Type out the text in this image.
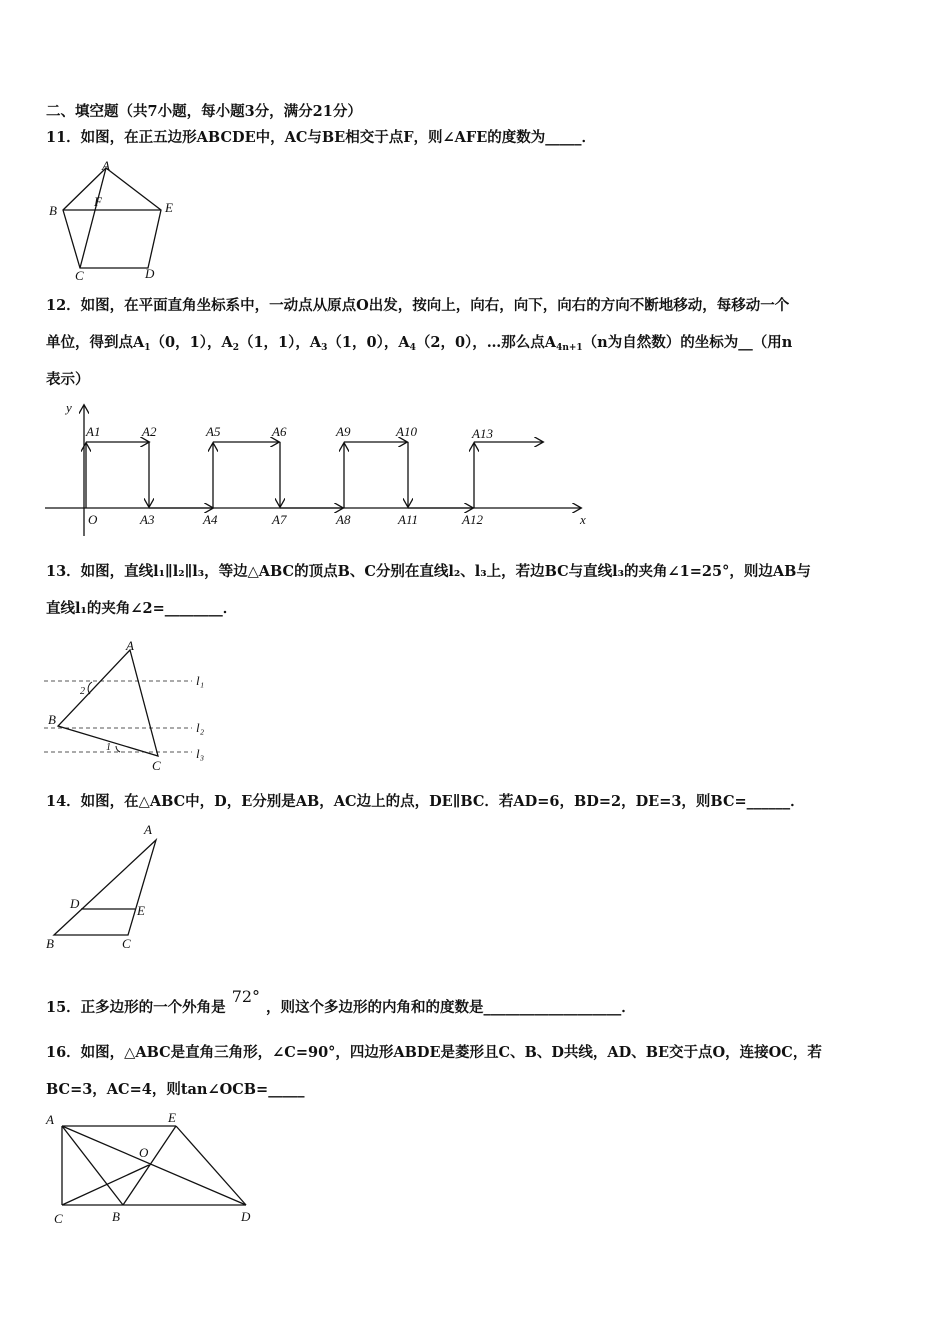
二、填空题（共7小题，每小题3分，满分21分）
11．如图，在正五边形ABCDE中，AC与BE相交于点F，则∠AFE的度数为_____．
A
B
C	D
E
F
12．如图，在平面直角坐标系中，一动点从原点O出发，按向上，向右，向下，向右的方向不断地移动，每移动一个
单位，得到点$A_1(0$，1），$A_2(1$，1），$A_3(1$，0），$A_4(2$，0），…那么点$A_{4n+1}(n$为自然数）的坐标为__（用n
表示）
y
x
O
A1	A2
A3	A4
A5	A6
A7	A8
A9	A10
A11	A12
A13
13．如图，直线l₁∥l₂∥l₃，等边△ABC的顶点B、C分别在直线l₂、l₃上，若边BC与直线l₃的夹角∠1=25°，则边AB与
直线l₁的夹角∠2=________．
A
B
C
l₁
l₂
l₃
1
2
14．如图，在△ABC中，D，E分别是AB，AC边上的点，DE∥BC．若AD=6，BD=2，DE=3，则BC=______．
A
B	C
D	E
15．正多边形的一个外角是72°，则这个多边形的内角和的度数是___________________．
16．如图，△ABC是直角三角形，∠C=90°，四边形ABDE是菱形且C、B、D共线，AD、BE交于点O，连接OC，若
BC=3，AC=4，则tan∠OCB=_____
A
C	B	D
E
O
